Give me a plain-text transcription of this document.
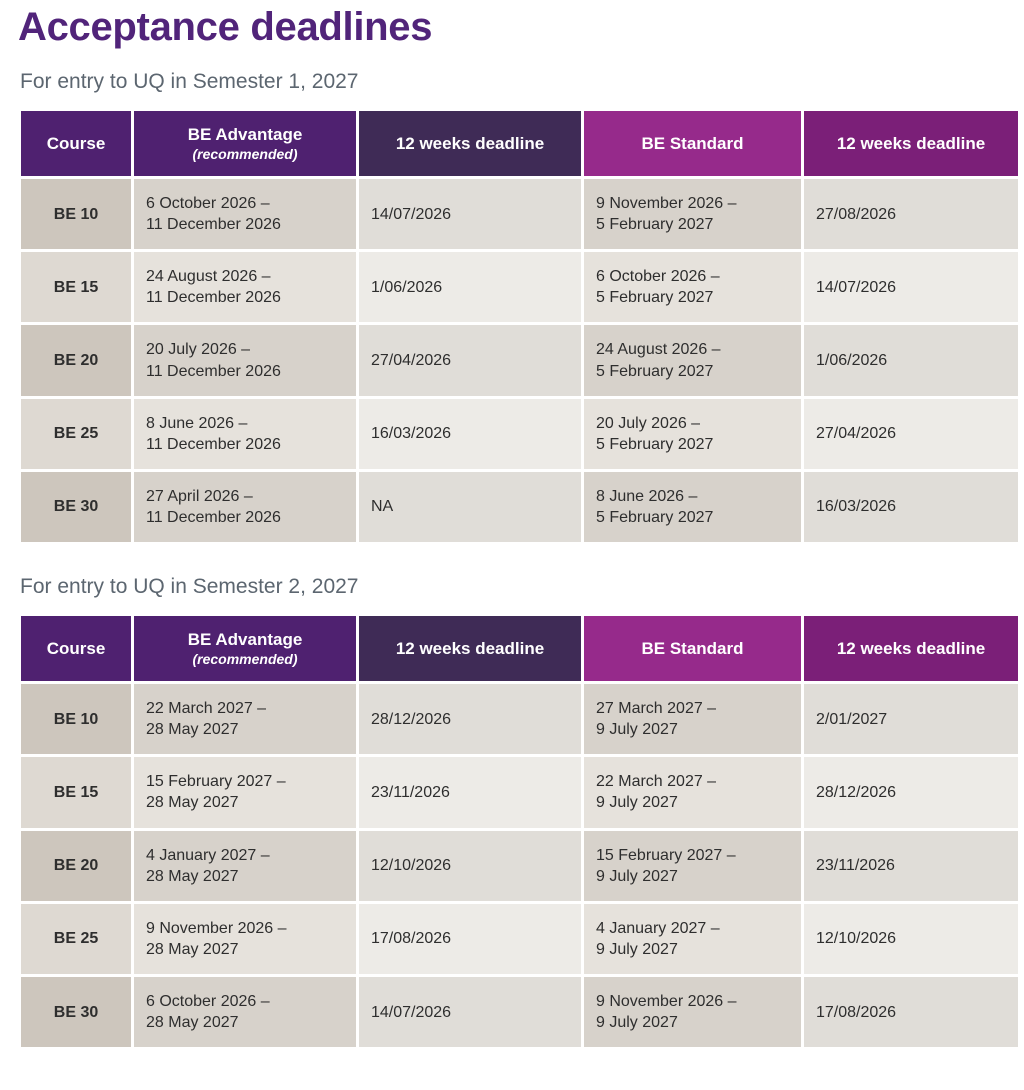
Acceptance deadlines
For entry to UQ in Semester 1, 2027
Course	BE Advantage
(recommended)	12 weeks deadline	BE Standard	12 weeks deadline
BE 10	6 October 2026 –
11 December 2026	14/07/2026	9 November 2026 –
5 February 2027	27/08/2026
BE 15	24 August 2026 –
11 December 2026	1/06/2026	6 October 2026 –
5 February 2027	14/07/2026
BE 20	20 July 2026 –
11 December 2026	27/04/2026	24 August 2026 –
5 February 2027	1/06/2026
BE 25	8 June 2026 –
11 December 2026	16/03/2026	20 July 2026 –
5 February 2027	27/04/2026
BE 30	27 April 2026 –
11 December 2026	NA	8 June 2026 –
5 February 2027	16/03/2026
For entry to UQ in Semester 2, 2027
Course	BE Advantage
(recommended)	12 weeks deadline	BE Standard	12 weeks deadline
BE 10	22 March 2027 –
28 May 2027	28/12/2026	27 March 2027 –
9 July 2027	2/01/2027
BE 15	15 February 2027 –
28 May 2027	23/11/2026	22 March 2027 –
9 July 2027	28/12/2026
BE 20	4 January 2027 –
28 May 2027	12/10/2026	15 February 2027 –
9 July 2027	23/11/2026
BE 25	9 November 2026 –
28 May 2027	17/08/2026	4 January 2027 –
9 July 2027	12/10/2026
BE 30	6 October 2026 –
28 May 2027	14/07/2026	9 November 2026 –
9 July 2027	17/08/2026
